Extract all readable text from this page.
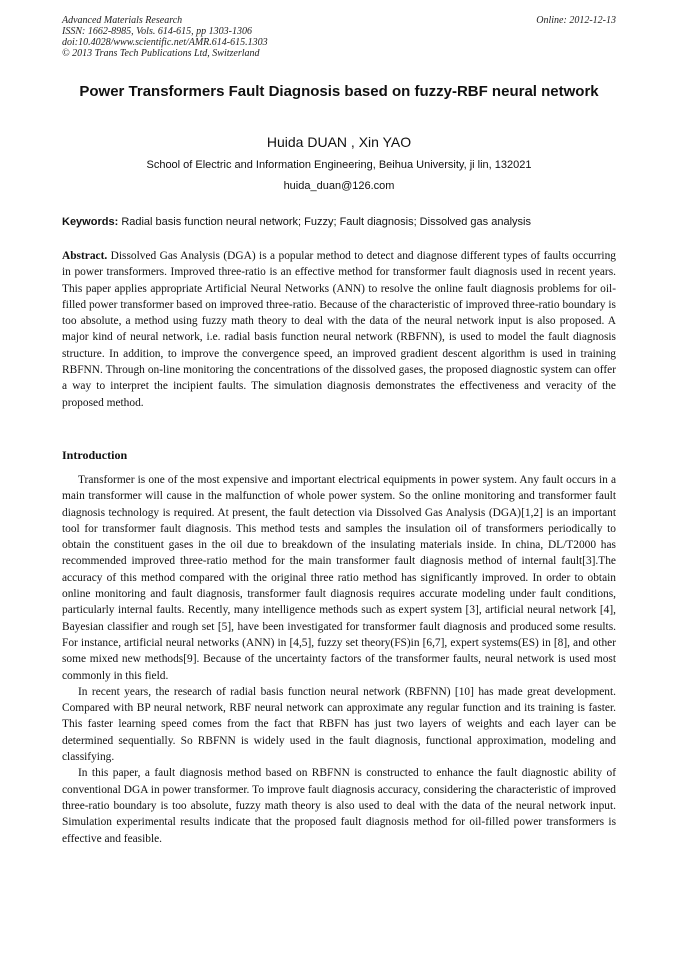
Advanced Materials Research
ISSN: 1662-8985, Vols. 614-615, pp 1303-1306
doi:10.4028/www.scientific.net/AMR.614-615.1303
© 2013 Trans Tech Publications Ltd, Switzerland
Online: 2012-12-13
Power Transformers Fault Diagnosis based on fuzzy-RBF neural network
Huida DUAN , Xin YAO
School of Electric and Information Engineering, Beihua University, ji lin, 132021
huida_duan@126.com
Keywords: Radial basis function neural network; Fuzzy; Fault diagnosis; Dissolved gas analysis
Abstract. Dissolved Gas Analysis (DGA) is a popular method to detect and diagnose different types of faults occurring in power transformers. Improved three-ratio is an effective method for transformer fault diagnosis used in recent years. This paper applies appropriate Artificial Neural Networks (ANN) to resolve the online fault diagnosis problems for oil-filled power transformer based on improved three-ratio. Because of the characteristic of improved three-ratio boundary is too absolute, a method using fuzzy math theory to deal with the data of the neural network input is also proposed. A major kind of neural network, i.e. radial basis function neural network (RBFNN), is used to model the fault diagnosis structure. In addition, to improve the convergence speed, an improved gradient descent algorithm is used in training RBFNN. Through on-line monitoring the concentrations of the dissolved gases, the proposed diagnostic system can offer a way to interpret the incipient faults. The simulation diagnosis demonstrates the effectiveness and veracity of the proposed method.
Introduction

Transformer is one of the most expensive and important electrical equipments in power system. Any fault occurs in a main transformer will cause in the malfunction of whole power system. So the online monitoring and transformer fault diagnosis technology is required. At present, the fault detection via Dissolved Gas Analysis (DGA)[1,2] is an important tool for transformer fault diagnosis. This method tests and samples the insulation oil of transformers periodically to obtain the constituent gases in the oil due to breakdown of the insulating materials inside. In china, DL/T2000 has recommended improved three-ratio method for the main transformer fault diagnosis method of internal fault[3].The accuracy of this method compared with the original three ratio method has significantly improved. In order to obtain online monitoring and fault diagnosis, transformer fault diagnosis requires accurate modeling under fault conditions, particularly internal faults. Recently, many intelligence methods such as expert system [3], artificial neural network [4], Bayesian classifier and rough set [5], have been investigated for transformer fault diagnosis and produced some results. For instance, artificial neural networks (ANN) in [4,5], fuzzy set theory(FS)in [6,7], expert systems(ES) in [8], and other some mixed new methods[9]. Because of the uncertainty factors of the transformer faults, neural network is used most commonly in this field.

In recent years, the research of radial basis function neural network (RBFNN) [10] has made great development. Compared with BP neural network, RBF neural network can approximate any regular function and its training is faster. This faster learning speed comes from the fact that RBFN has just two layers of weights and each layer can be determined sequentially. So RBFNN is widely used in the fault diagnosis, functional approximation, modeling and classifying.

In this paper, a fault diagnosis method based on RBFNN is constructed to enhance the fault diagnostic ability of conventional DGA in power transformer. To improve fault diagnosis accuracy, considering the characteristic of improved three-ratio boundary is too absolute, fuzzy math theory is also used to deal with the data of the neural network input. Simulation experimental results indicate that the proposed fault diagnosis method for oil-filled power transformers is effective and feasible.
